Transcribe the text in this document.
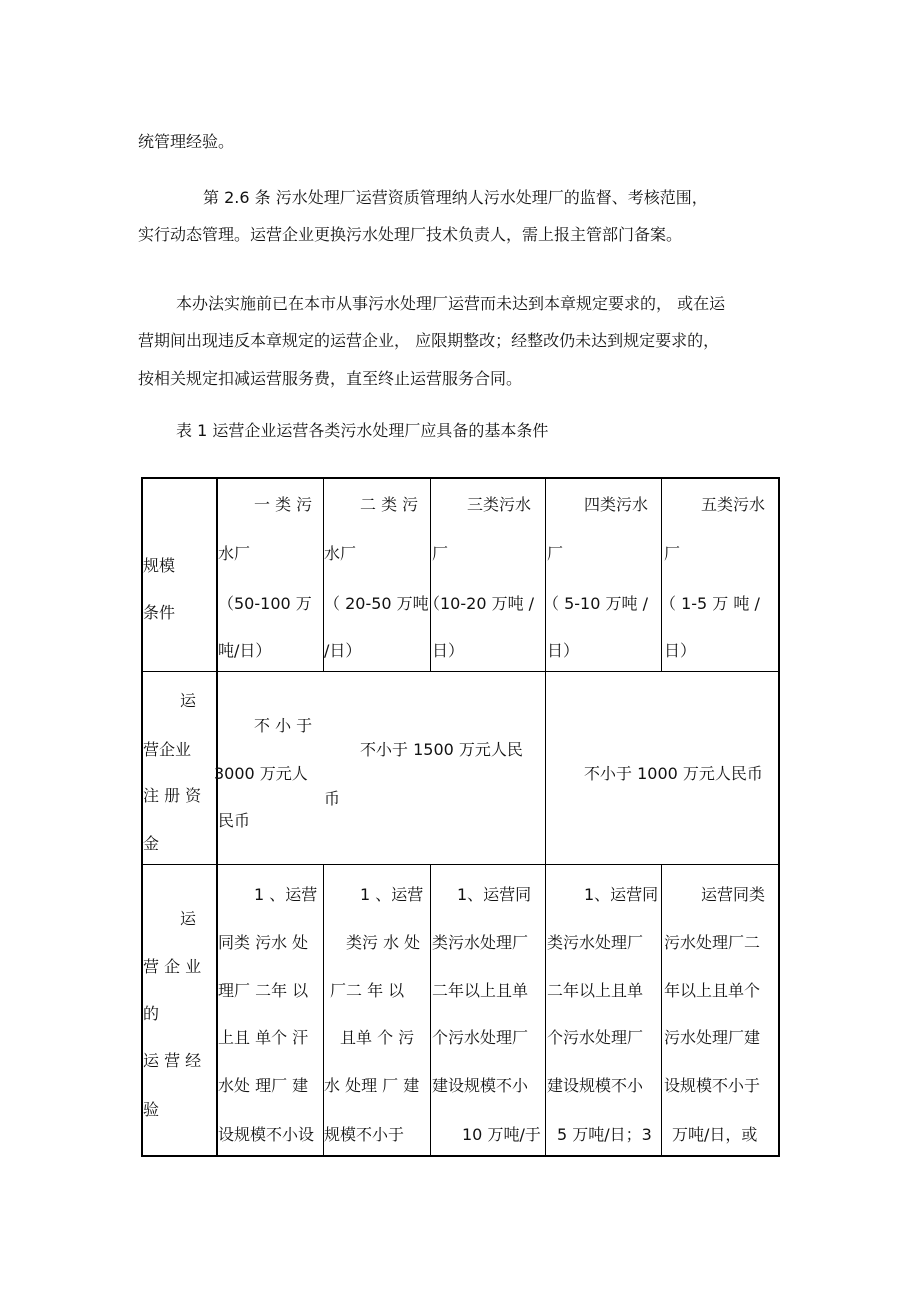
统管理经验。
第 2.6 条 污水处理厂运营资质管理纳人污水处理厂的监督、考核范围，
实行动态管理。运营企业更换污水处理厂技术负责人，需上报主管部门备案。
本办法实施前已在本市从事污水处理厂运营而未达到本章规定要求的， 或在运
营期间出现违反本章规定的运营企业， 应限期整改；经整改仍未达到规定要求的，
按相关规定扣减运营服务费，直至终止运营服务合同。
表 1 运营企业运营各类污水处理厂应具备的基本条件
规模
条件
一 类 污
水厂
（50-100 万
吨/日）
二 类 污
水厂
（ 20-50 万吨
/日）
三类污水
厂
（10-20 万吨 /
日）
四类污水
厂
（ 5-10 万吨 /
日）
五类污水
厂
（ 1-5 万 吨 /
日）
运
营企业
注 册 资
金
不 小 于
3000 万元人
民币
不小于 1500 万元人民
币
不小于 1000 万元人民币
运
营 企 业
的
运 营 经
验
1 、运营
同类 污水 处
理厂 二年 以
上且 单个 汗
水处 理厂 建
设规模不小设
1 、运营
类污 水 处
厂二 年 以
且单 个 污
水 处理 厂 建
规模不小于
1、运营同
类污水处理厂
二年以上且单
个污水处理厂
建设规模不小
10 万吨/于
1、运营同
类污水处理厂
二年以上且单
个污水处理厂
建设规模不小
5 万吨/日；3
运营同类
污水处理厂二
年以上且单个
污水处理厂建
设规模不小于
万吨/日，或
